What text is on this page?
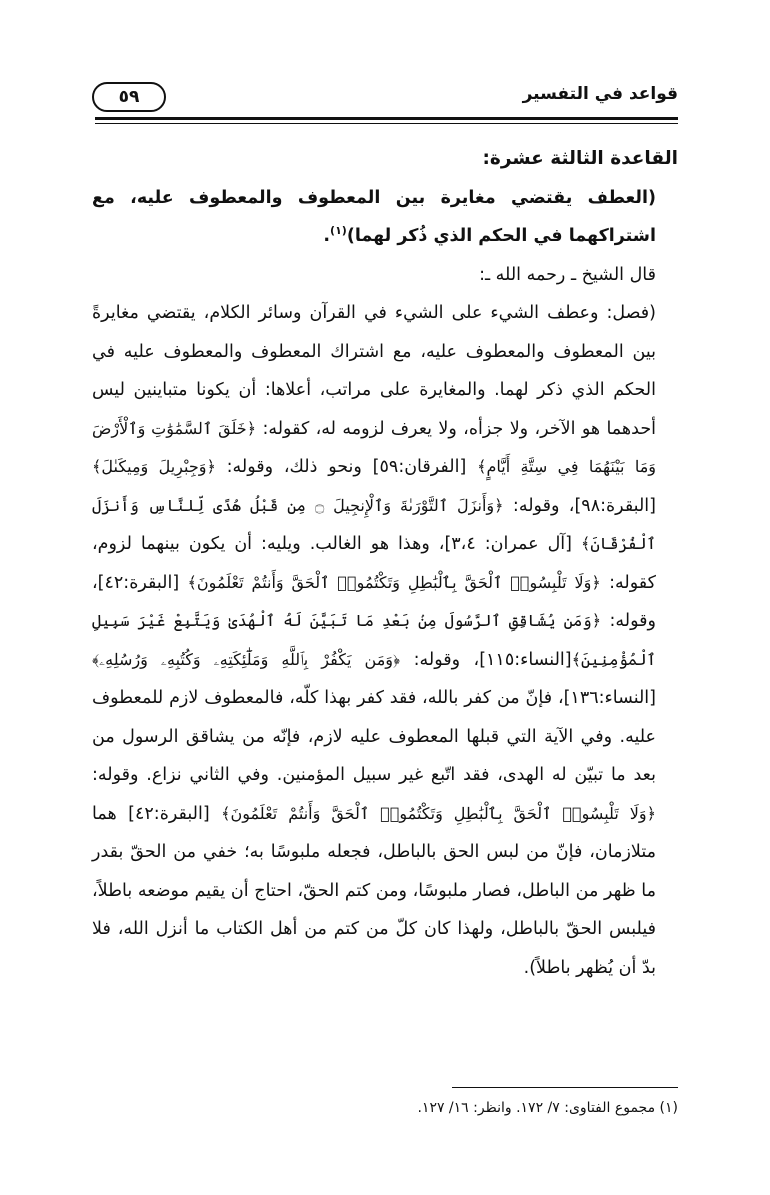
قواعد في التفسير
٥٩

القاعدة الثالثة عشرة:

(العطف يقتضي مغايرة بين المعطوف والمعطوف عليه، مع اشتراكهما في الحكم الذي ذُكر لهما)$^{(١)}$.

قال الشيخ ـ رحمه الله ـ:

(فصل: وعطف الشيء على الشيء في القرآن وسائر الكلام، يقتضي مغايرةً بين المعطوف والمعطوف عليه، مع اشتراك المعطوف والمعطوف عليه في الحكم الذي ذكر لهما. والمغايرة على مراتب، أعلاها: أن يكونا متباينين ليس أحدهما هو الآخر، ولا جزأه، ولا يعرف لزومه له، كقوله: ﴿خَلَقَ ٱلسَّمَٰوَٰتِ وَٱلْأَرْضَ وَمَا بَيْنَهُمَا فِي سِتَّةِ أَيَّامٍ﴾ [الفرقان:٥٩] ونحو ذلك، وقوله: ﴿وَجِبْرِيلَ وَمِيكَىٰلَ﴾ [البقرة:٩٨]، وقوله: ﴿وَأَنزَلَ ٱلتَّوْرَىٰةَ وَٱلْإِنجِيلَ ۝ مِن قَبْلُ هُدًى لِّلنَّاسِ وَأَنزَلَ ٱلْفُرْقَانَ﴾ [آل عمران: ٣،٤]، وهذا هو الغالب. ويليه: أن يكون بينهما لزوم، كقوله: ﴿وَلَا تَلْبِسُوا۟ ٱلْحَقَّ بِٱلْبَٰطِلِ وَتَكْتُمُوا۟ ٱلْحَقَّ وَأَنتُمْ تَعْلَمُونَ﴾ [البقرة:٤٢]، وقوله: ﴿وَمَن يُشَاقِقِ ٱلرَّسُولَ مِنۢ بَعْدِ مَا تَبَيَّنَ لَهُ ٱلْهُدَىٰ وَيَتَّبِعْ غَيْرَ سَبِيلِ ٱلْمُؤْمِنِينَ﴾[النساء:١١٥]، وقوله: ﴿وَمَن يَكْفُرْ بِٱللَّهِ وَمَلَٰٓئِكَتِهِۦ وَكُتُبِهِۦ وَرُسُلِهِۦ﴾ [النساء:١٣٦]، فإنّ من كفر بالله، فقد كفر بهذا كلّه، فالمعطوف لازم للمعطوف عليه. وفي الآية التي قبلها المعطوف عليه لازم، فإنّه من يشاقق الرسول من بعد ما تبيّن له الهدى، فقد اتّبع غير سبيل المؤمنين. وفي الثاني نزاع. وقوله: ﴿وَلَا تَلْبِسُوا۟ ٱلْحَقَّ بِٱلْبَٰطِلِ وَتَكْتُمُوا۟ ٱلْحَقَّ وَأَنتُمْ تَعْلَمُونَ﴾ [البقرة:٤٢] هما متلازمان، فإنّ من لبس الحق بالباطل، فجعله ملبوسًا به؛ خفي من الحقّ بقدر ما ظهر من الباطل، فصار ملبوسًا، ومن كتم الحقّ، احتاج أن يقيم موضعه باطلاً، فيلبس الحقّ بالباطل، ولهذا كان كلّ من كتم من أهل الكتاب ما أنزل الله، فلا بدّ أن يُظهر باطلاً).

(١) مجموع الفتاوى: ٧/ ١٧٢. وانظر: ١٦/ ١٢٧.
